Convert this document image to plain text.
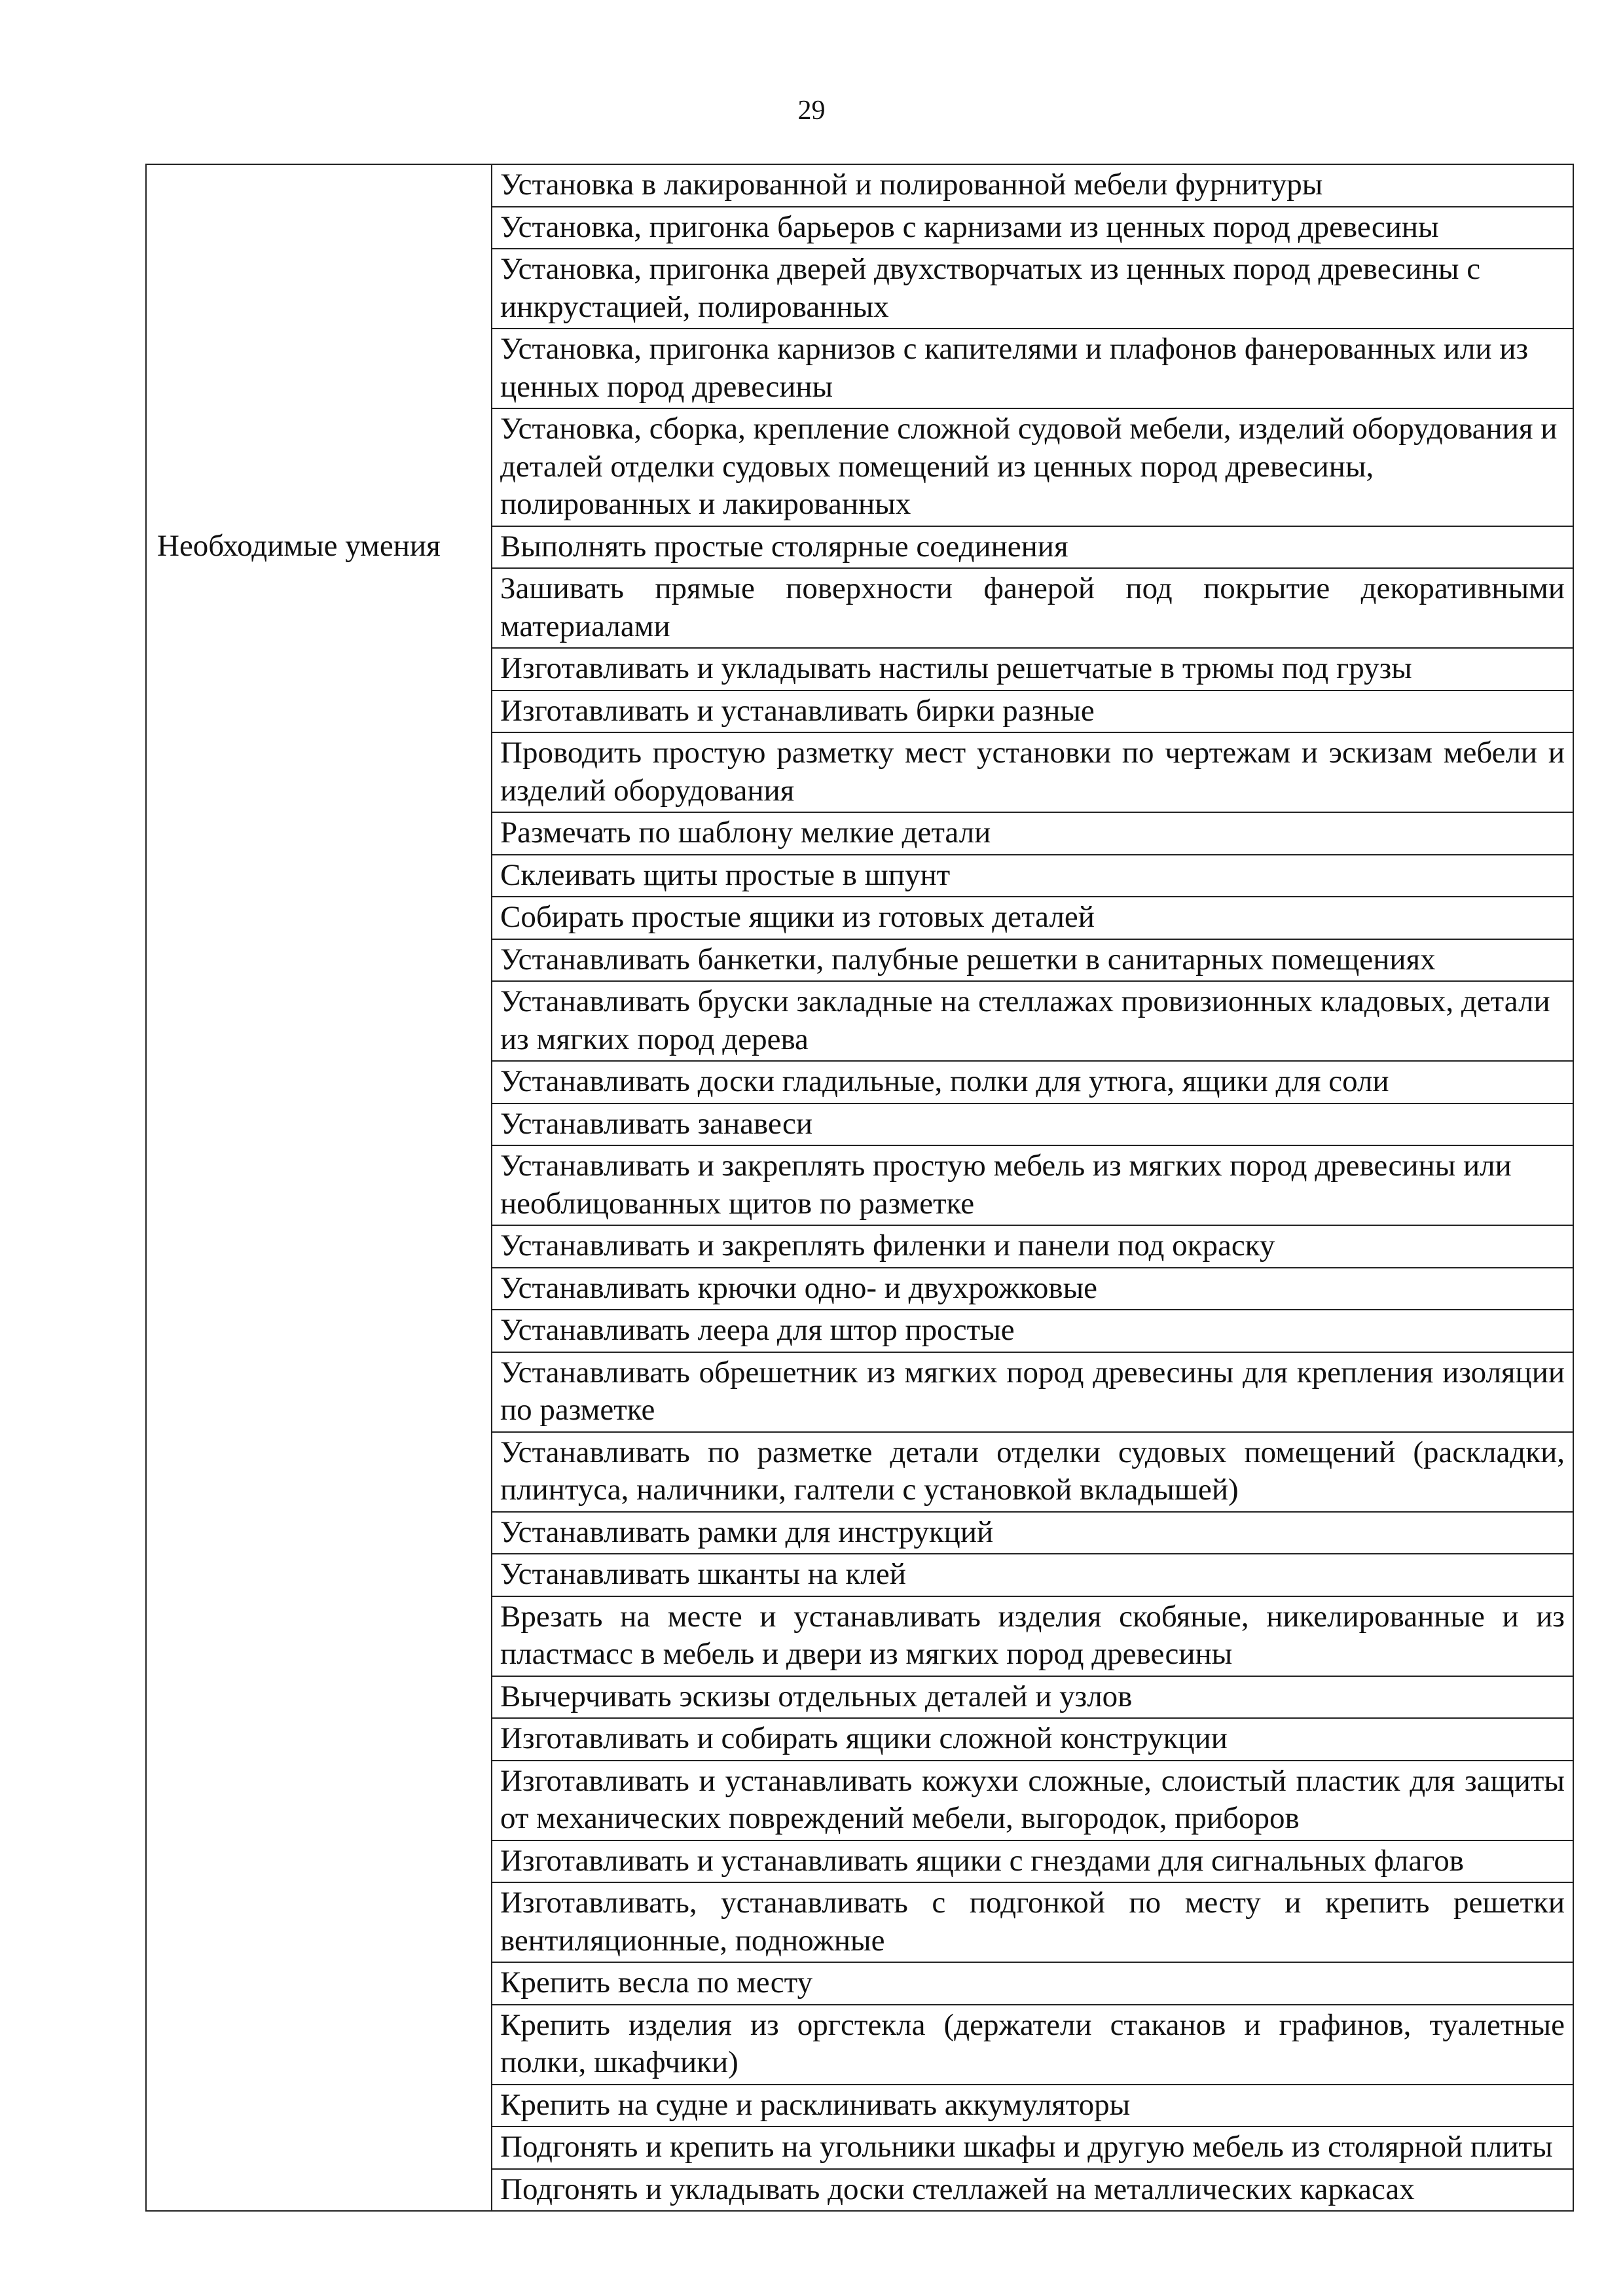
29
	Установка в лакированной и полированной мебели фурнитуры
	Установка, пригонка барьеров с карнизами из ценных пород древесины
	Установка, пригонка дверей двухстворчатых из ценных пород древесины с инкрустацией, полированных
	Установка, пригонка карнизов с капителями и плафонов фанерованных или из ценных пород древесины
	Установка, сборка, крепление сложной судовой мебели, изделий оборудования и деталей отделки судовых помещений из ценных пород древесины, полированных и лакированных
Необходимые умения	Выполнять простые столярные соединения
	Зашивать прямые поверхности фанерой под покрытие декоративными материалами
	Изготавливать и укладывать настилы решетчатые в трюмы под грузы
	Изготавливать и устанавливать бирки разные
	Проводить простую разметку мест установки по чертежам и эскизам мебели и изделий оборудования
	Размечать по шаблону мелкие детали
	Склеивать щиты простые в шпунт
	Собирать простые ящики из готовых деталей
	Устанавливать банкетки, палубные решетки в санитарных помещениях
	Устанавливать бруски закладные на стеллажах провизионных кладовых, детали из мягких пород дерева
	Устанавливать доски гладильные, полки для утюга, ящики для соли
	Устанавливать занавеси
	Устанавливать и закреплять простую мебель из мягких пород древесины или необлицованных щитов по разметке
	Устанавливать и закреплять филенки и панели под окраску
	Устанавливать крючки одно- и двухрожковые
	Устанавливать леера для штор простые
	Устанавливать обрешетник из мягких пород древесины для крепления изоляции по разметке
	Устанавливать по разметке детали отделки судовых помещений (раскладки, плинтуса, наличники, галтели с установкой вкладышей)
	Устанавливать рамки для инструкций
	Устанавливать шканты на клей
	Врезать на месте и устанавливать изделия скобяные, никелированные и из пластмасс в мебель и двери из мягких пород древесины
	Вычерчивать эскизы отдельных деталей и узлов
	Изготавливать и собирать ящики сложной конструкции
	Изготавливать и устанавливать кожухи сложные, слоистый пластик для защиты от механических повреждений мебели, выгородок, приборов
	Изготавливать и устанавливать ящики с гнездами для сигнальных флагов
	Изготавливать, устанавливать с подгонкой по месту и крепить решетки вентиляционные, подножные
	Крепить весла по месту
	Крепить изделия из оргстекла (держатели стаканов и графинов, туалетные полки, шкафчики)
	Крепить на судне и расклинивать аккумуляторы
	Подгонять и крепить на угольники шкафы и другую мебель из столярной плиты
	Подгонять и укладывать доски стеллажей на металлических каркасах
